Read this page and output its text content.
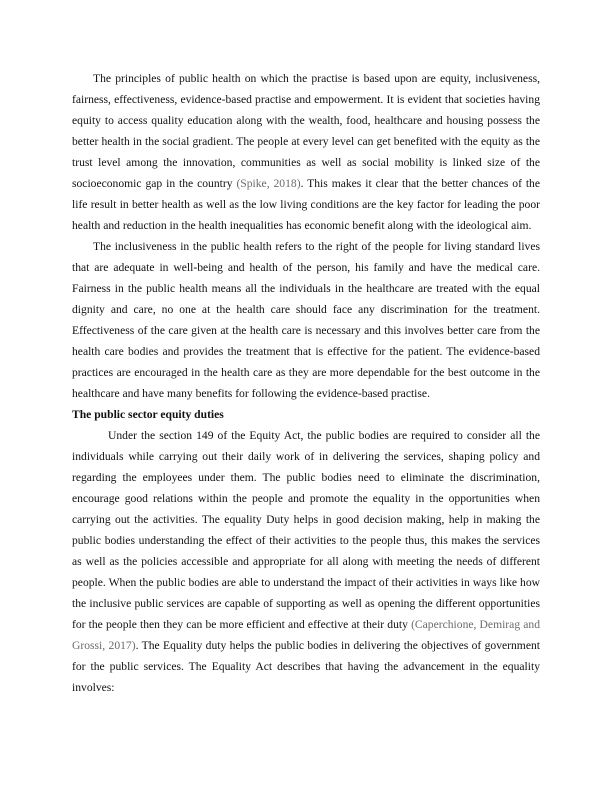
The principles of public health on which the practise is based upon are equity, inclusiveness, fairness, effectiveness, evidence-based practise and empowerment. It is evident that societies having equity to access quality education along with the wealth, food, healthcare and housing possess the better health in the social gradient. The people at every level can get benefited with the equity as the trust level among the innovation, communities as well as social mobility is linked size of the socioeconomic gap in the country (Spike, 2018). This makes it clear that the better chances of the life result in better health as well as the low living conditions are the key factor for leading the poor health and reduction in the health inequalities has economic benefit along with the ideological aim.

The inclusiveness in the public health refers to the right of the people for living standard lives that are adequate in well-being and health of the person, his family and have the medical care. Fairness in the public health means all the individuals in the healthcare are treated with the equal dignity and care, no one at the health care should face any discrimination for the treatment. Effectiveness of the care given at the health care is necessary and this involves better care from the health care bodies and provides the treatment that is effective for the patient. The evidence-based practices are encouraged in the health care as they are more dependable for the best outcome in the healthcare and have many benefits for following the evidence-based practise.

The public sector equity duties

Under the section 149 of the Equity Act, the public bodies are required to consider all the individuals while carrying out their daily work of in delivering the services, shaping policy and regarding the employees under them. The public bodies need to eliminate the discrimination, encourage good relations within the people and promote the equality in the opportunities when carrying out the activities. The equality Duty helps in good decision making, help in making the public bodies understanding the effect of their activities to the people thus, this makes the services as well as the policies accessible and appropriate for all along with meeting the needs of different people. When the public bodies are able to understand the impact of their activities in ways like how the inclusive public services are capable of supporting as well as opening the different opportunities for the people then they can be more efficient and effective at their duty (Caperchione, Demirag and Grossi, 2017). The Equality duty helps the public bodies in delivering the objectives of government for the public services. The Equality Act describes that having the advancement in the equality involves:
